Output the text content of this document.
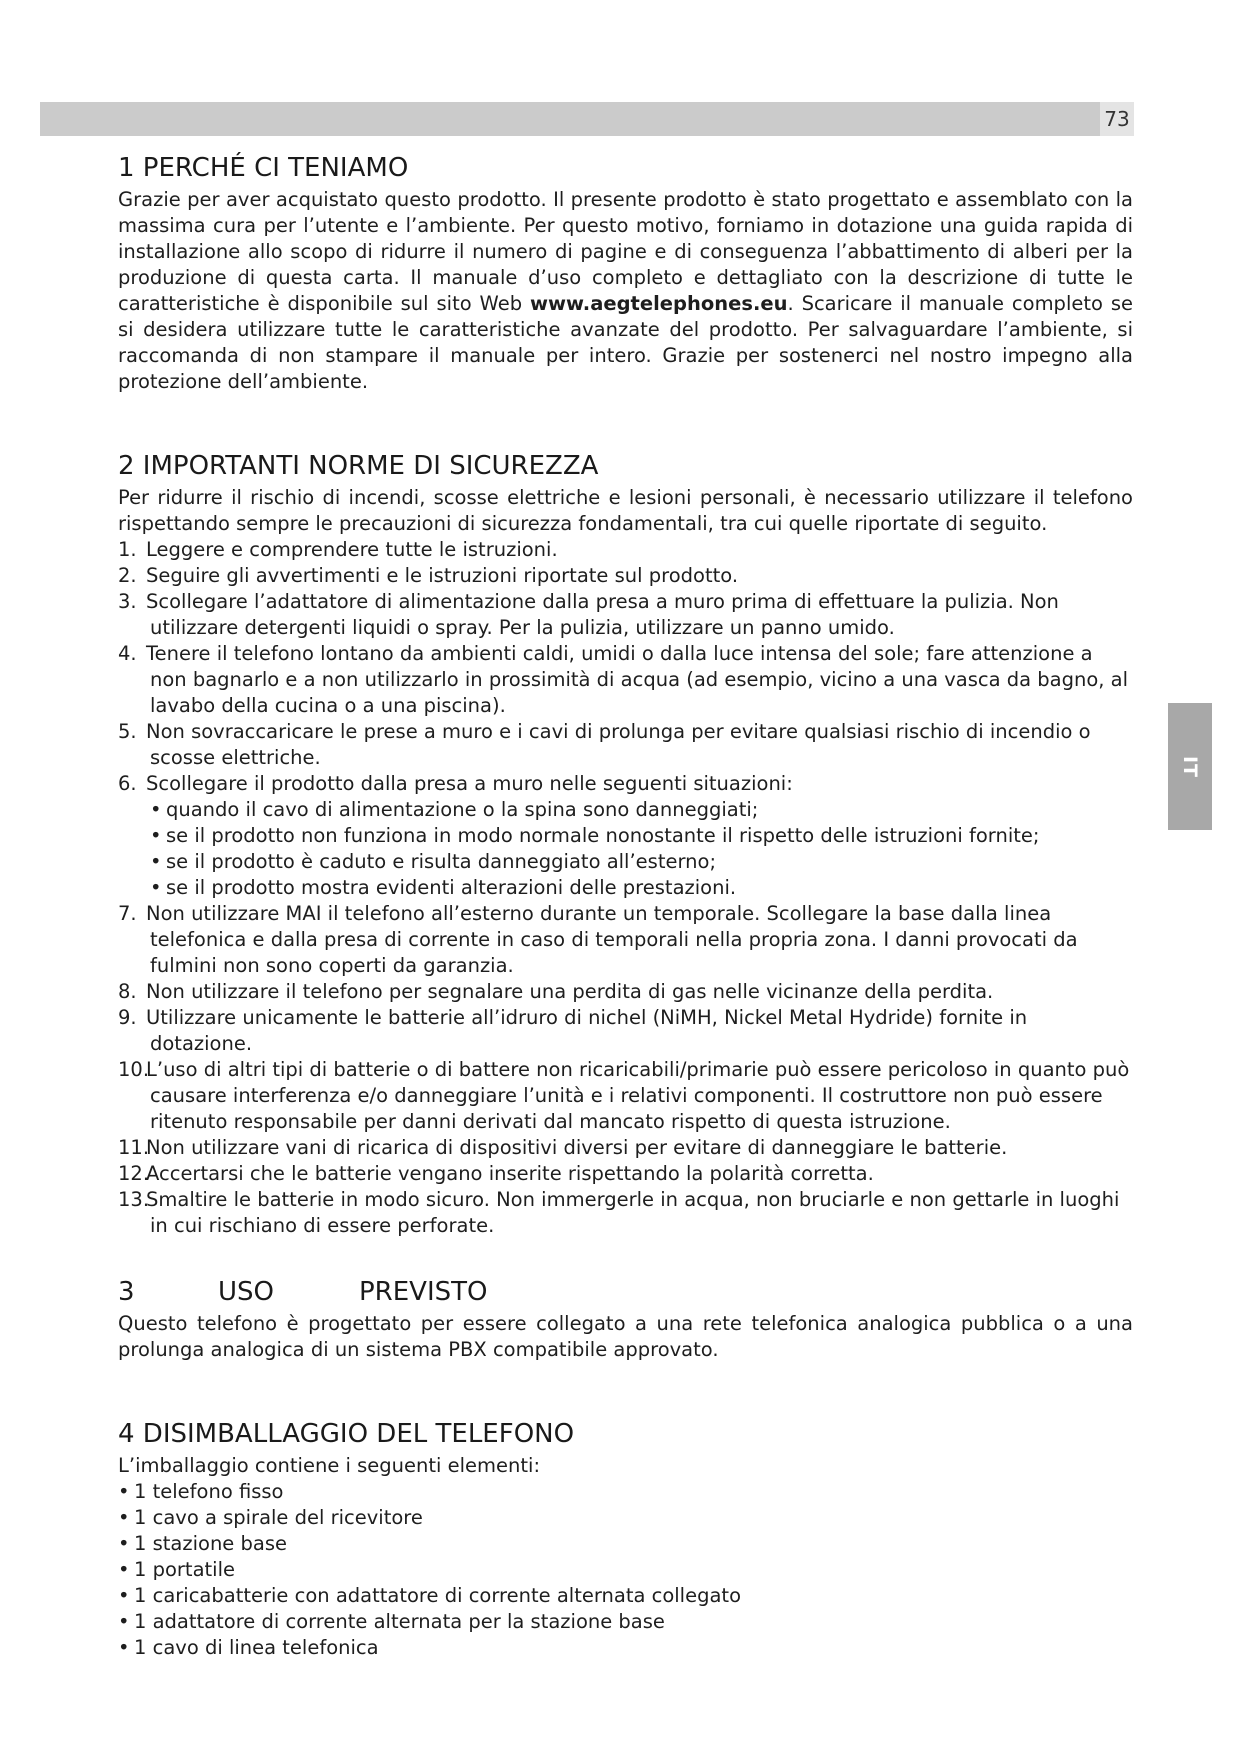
73
IT
1 PERCHÉ CI TENIAMO

Grazie per aver acquistato questo prodotto. Il presente prodotto è stato progettato e assemblato con la massima cura per l’utente e l’ambiente. Per questo motivo, forniamo in dotazione una guida rapida di installazione allo scopo di ridurre il numero di pagine e di conseguenza l’abbattimento di alberi per la produzione di questa carta. Il manuale d’uso completo e dettagliato con la descrizione di tutte le caratteristiche è disponibile sul sito Web www.aegtelephones.eu. Scaricare il manuale completo se si desidera utilizzare tutte le caratteristiche avanzate del prodotto. Per salvaguardare l’ambiente, si raccomanda di non stampare il manuale per intero. Grazie per sostenerci nel nostro impegno alla protezione dell’ambiente.

2 IMPORTANTI NORME DI SICUREZZA

Per ridurre il rischio di incendi, scosse elettriche e lesioni personali, è necessario utilizzare il telefono rispettando sempre le precauzioni di sicurezza fondamentali, tra cui quelle riportate di seguito.

1. Leggere e comprendere tutte le istruzioni.
2. Seguire gli avvertimenti e le istruzioni riportate sul prodotto.
3. Scollegare l’adattatore di alimentazione dalla presa a muro prima di effettuare la pulizia. Non utilizzare detergenti liquidi o spray. Per la pulizia, utilizzare un panno umido.
4. Tenere il telefono lontano da ambienti caldi, umidi o dalla luce intensa del sole; fare attenzione a non bagnarlo e a non utilizzarlo in prossimità di acqua (ad esempio, vicino a una vasca da bagno, al lavabo della cucina o a una piscina).
5. Non sovraccaricare le prese a muro e i cavi di prolunga per evitare qualsiasi rischio di incendio o scosse elettriche.
6. Scollegare il prodotto dalla presa a muro nelle seguenti situazioni:
• quando il cavo di alimentazione o la spina sono danneggiati;
• se il prodotto non funziona in modo normale nonostante il rispetto delle istruzioni fornite;
• se il prodotto è caduto e risulta danneggiato all’esterno;
• se il prodotto mostra evidenti alterazioni delle prestazioni.
7. Non utilizzare MAI il telefono all’esterno durante un temporale. Scollegare la base dalla linea telefonica e dalla presa di corrente in caso di temporali nella propria zona. I danni provocati da fulmini non sono coperti da garanzia.
8. Non utilizzare il telefono per segnalare una perdita di gas nelle vicinanze della perdita.
9. Utilizzare unicamente le batterie all’idruro di nichel (NiMH, Nickel Metal Hydride) fornite in dotazione.
10.L’uso di altri tipi di batterie o di battere non ricaricabili/primarie può essere pericoloso in quanto può causare interferenza e/o danneggiare l’unità e i relativi componenti. Il costruttore non può essere ritenuto responsabile per danni derivati dal mancato rispetto di questa istruzione.
11.Non utilizzare vani di ricarica di dispositivi diversi per evitare di danneggiare le batterie.
12.Accertarsi che le batterie vengano inserite rispettando la polarità corretta.
13.Smaltire le batterie in modo sicuro. Non immergerle in acqua, non bruciarle e non gettarle in luoghi in cui rischiano di essere perforate.
3	USO	PREVISTO

Questo telefono è progettato per essere collegato a una rete telefonica analogica pubblica o a una prolunga analogica di un sistema PBX compatibile approvato.

4 DISIMBALLAGGIO DEL TELEFONO

L’imballaggio contiene i seguenti elementi:

• 1 telefono fisso
• 1 cavo a spirale del ricevitore
• 1 stazione base
• 1 portatile
• 1 caricabatterie con adattatore di corrente alternata collegato
• 1 adattatore di corrente alternata per la stazione base
• 1 cavo di linea telefonica
